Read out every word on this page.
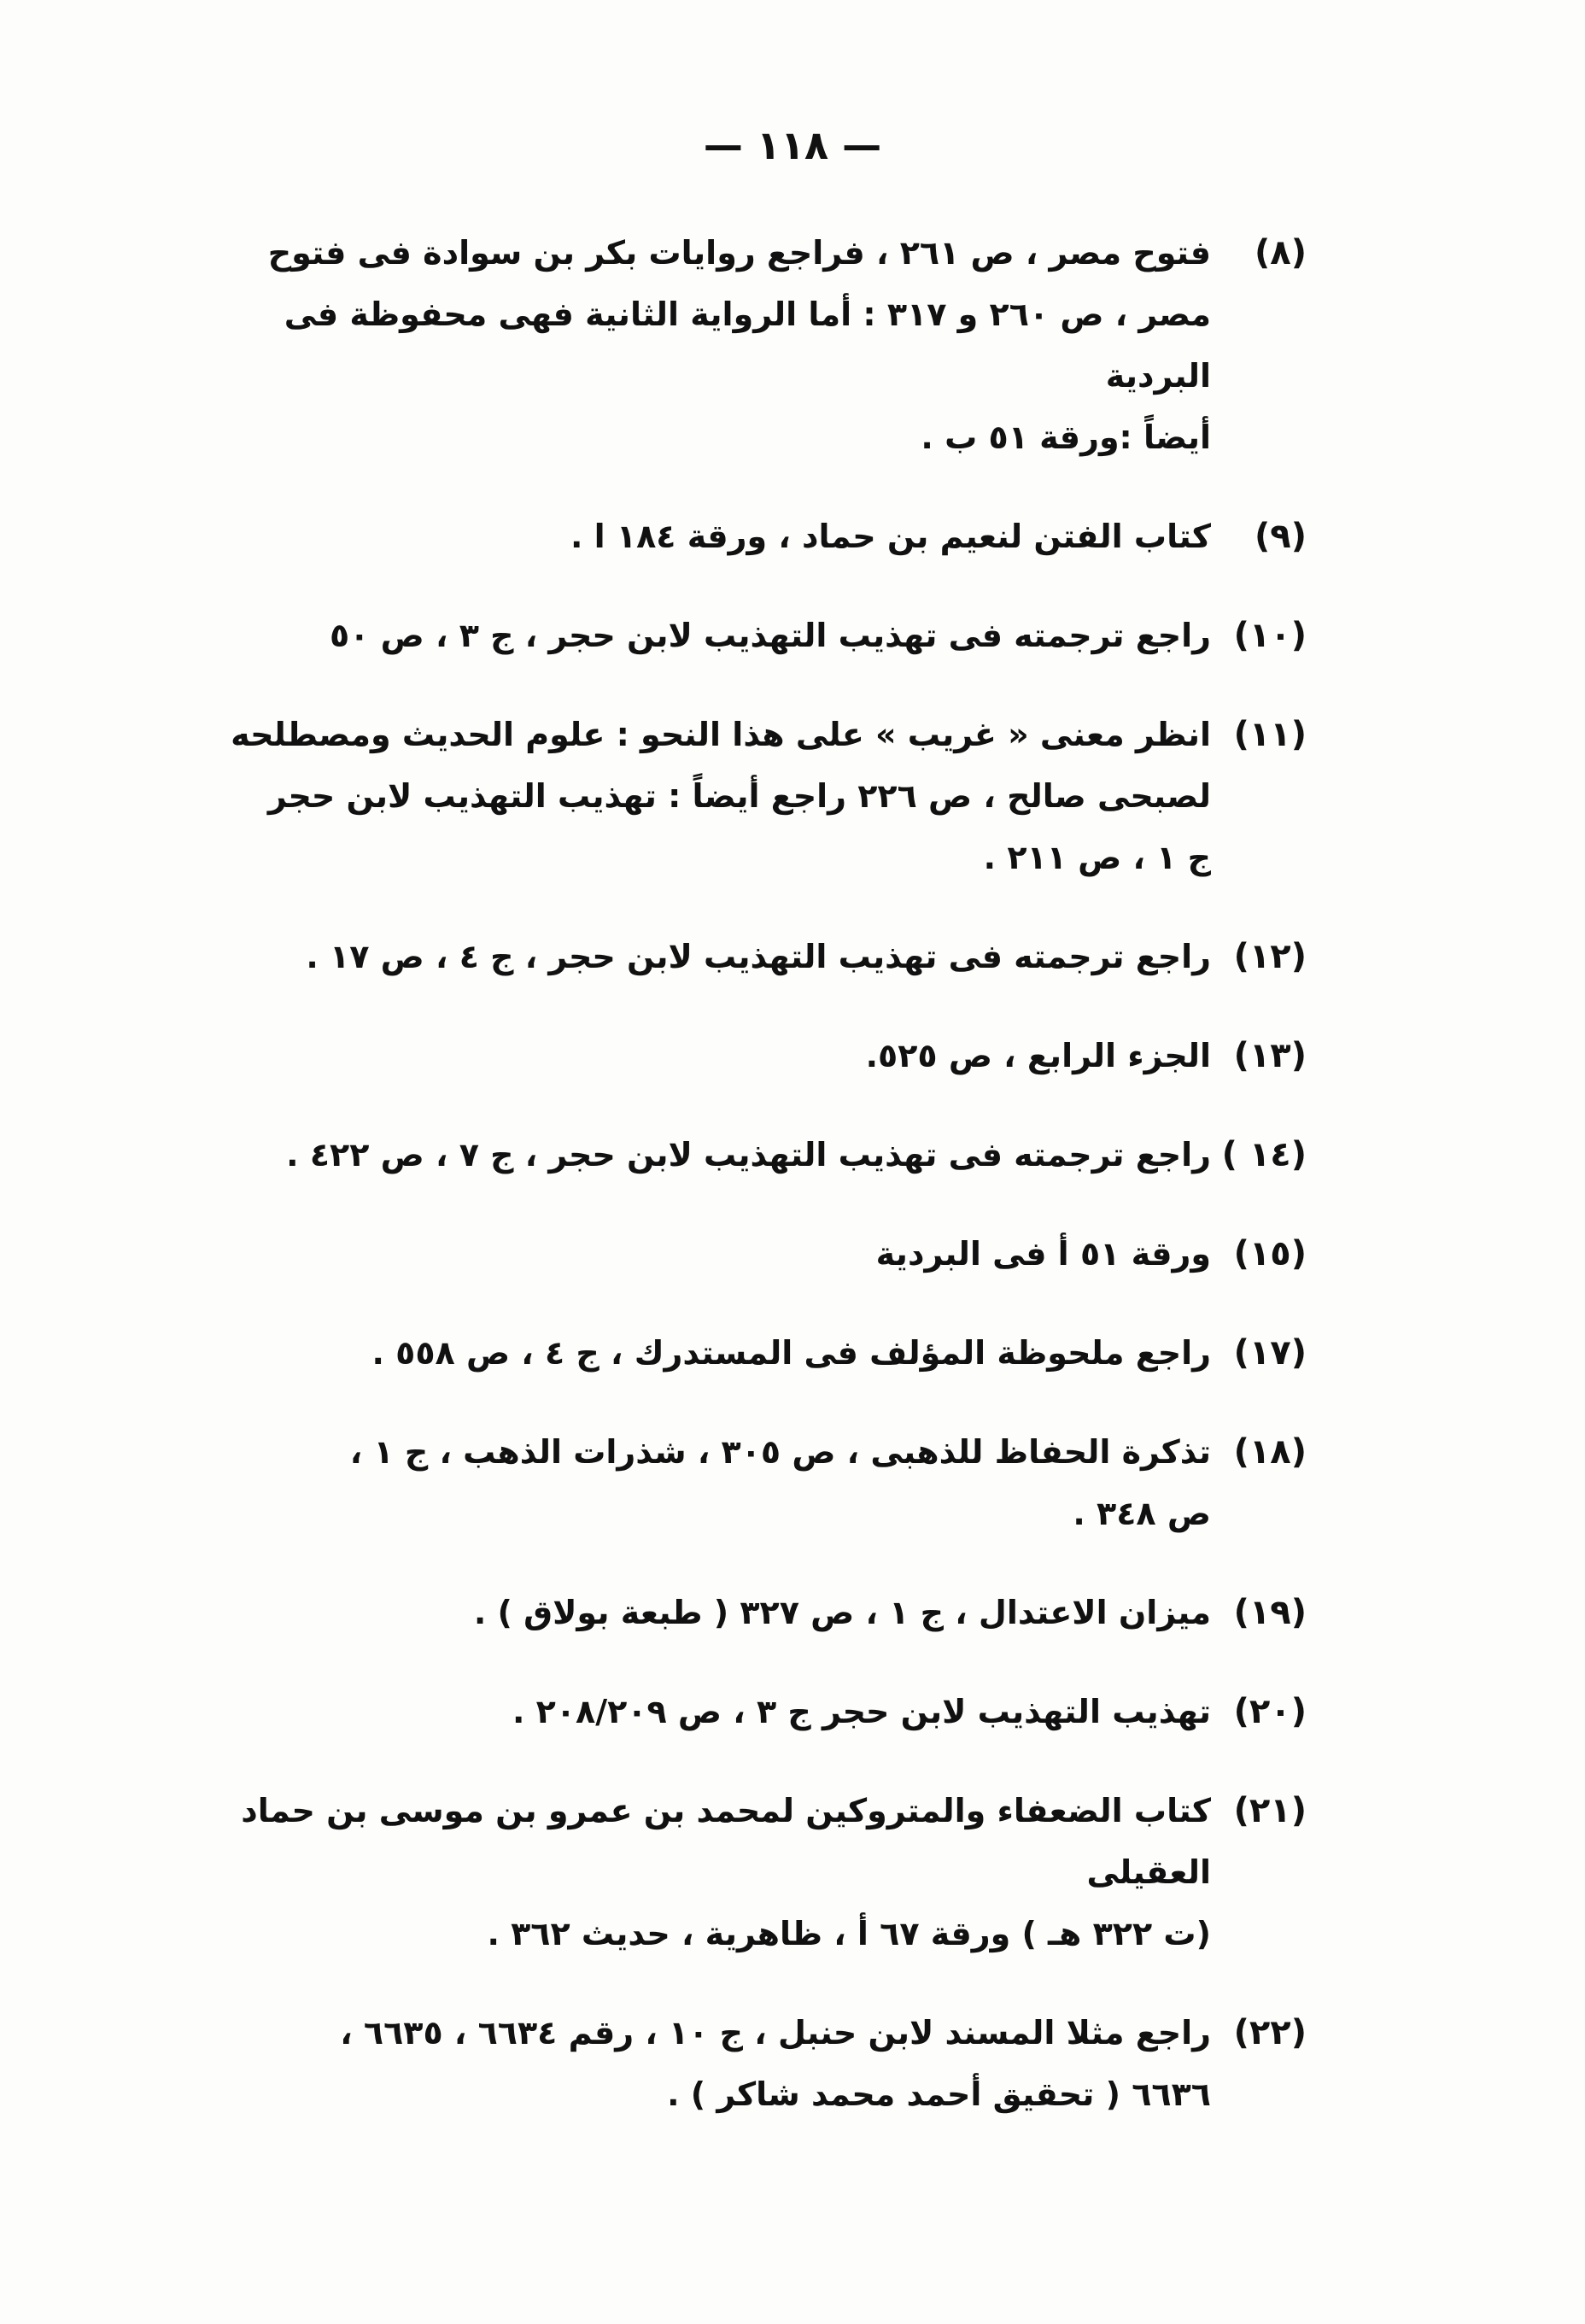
— ١١٨ —
(٨)
فتوح مصر ، ص ٢٦١ ، فراجع روايات بكر بن سوادة فى فتوح
مصر ، ص ٢٦٠ و ٣١٧ : أما الرواية الثانية فهى محفوظة فى البردية
أيضاً :ورقة ٥١ ب .
(٩)
كتاب الفتن لنعيم بن حماد ، ورقة ١٨٤ ا .
(١٠)
راجع ترجمته فى تهذيب التهذيب لابن حجر ، ج ٣ ، ص ٥٠
(١١)
انظر معنى « غريب » على هذا النحو : علوم الحديث ومصطلحه
لصبحى صالح ، ص ٢٢٦ راجع أيضاً : تهذيب التهذيب لابن حجر
ج ١ ، ص ٢١١ .
(١٢)
راجع ترجمته فى تهذيب التهذيب لابن حجر ، ج ٤ ، ص ١٧ .
(١٣)
الجزء الرابع ، ص ٥٢٥.
(١٤ )
راجع ترجمته فى تهذيب التهذيب لابن حجر ، ج ٧ ، ص ٤٢٢ .
(١٥)
ورقة ٥١ أ فى البردية
(١٧)
راجع ملحوظة المؤلف فى المستدرك ، ج ٤ ، ص ٥٥٨ .
(١٨)
تذكرة الحفاظ للذهبى ، ص ٣٠٥ ، شذرات الذهب ، ج ١ ،
ص ٣٤٨ .
(١٩)
ميزان الاعتدال ، ج ١ ، ص ٣٢٧ ( طبعة بولاق ) .
(٢٠)
تهذيب التهذيب لابن حجر ج ٣ ، ص ٢٠٨/٢٠٩ .
(٢١)
كتاب الضعفاء والمتروكين لمحمد بن عمرو بن موسى بن حماد العقيلى
(ت ٣٢٢ هـ ) ورقة ٦٧ أ ، ظاهرية ، حديث ٣٦٢ .
(٢٢)
راجع مثلا المسند لابن حنبل ، ج ١٠ ، رقم ٦٦٣٤ ، ٦٦٣٥ ،
٦٦٣٦ ( تحقيق أحمد محمد شاكر ) .
